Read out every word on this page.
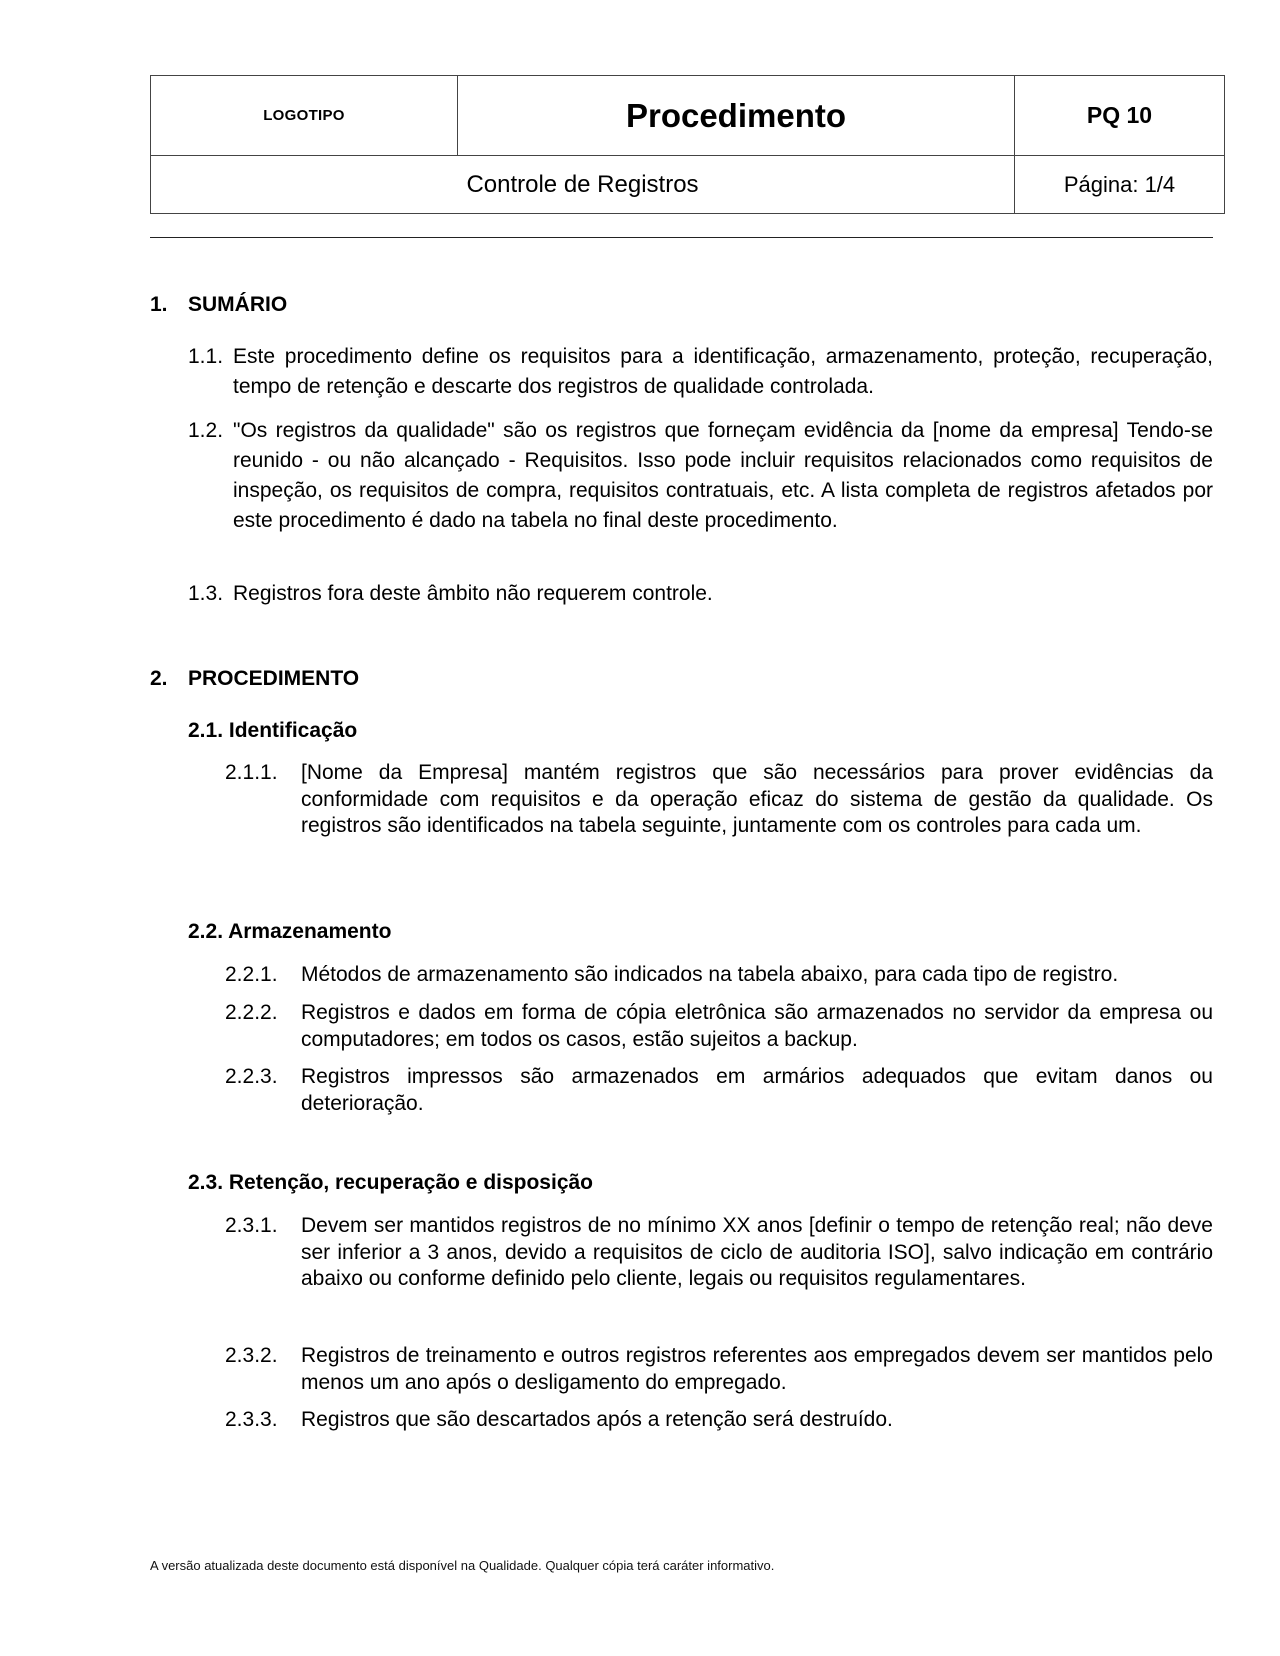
LOGOTIPO	Procedimento	PQ 10
Controle de Registros		Página: 1/4
1. SUMÁRIO
1.1. Este procedimento define os requisitos para a identificação, armazenamento, proteção, recuperação, tempo de retenção e descarte dos registros de qualidade controlada.
1.2. "Os registros da qualidade" são os registros que forneçam evidência da [nome da empresa] Tendo-se reunido - ou não alcançado - Requisitos. Isso pode incluir requisitos relacionados como requisitos de inspeção, os requisitos de compra, requisitos contratuais, etc. A lista completa de registros afetados por este procedimento é dado na tabela no final deste procedimento.
1.3. Registros fora deste âmbito não requerem controle.
2. PROCEDIMENTO
2.1. Identificação
2.1.1. [Nome da Empresa] mantém registros que são necessários para prover evidências da conformidade com requisitos e da operação eficaz do sistema de gestão da qualidade. Os registros são identificados na tabela seguinte, juntamente com os controles para cada um.
2.2. Armazenamento
2.2.1. Métodos de armazenamento são indicados na tabela abaixo, para cada tipo de registro.
2.2.2. Registros e dados em forma de cópia eletrônica são armazenados no servidor da empresa ou computadores; em todos os casos, estão sujeitos a backup.
2.2.3. Registros impressos são armazenados em armários adequados que evitam danos ou deterioração.
2.3. Retenção, recuperação e disposição
2.3.1. Devem ser mantidos registros de no mínimo XX anos [definir o tempo de retenção real; não deve ser inferior a 3 anos, devido a requisitos de ciclo de auditoria ISO], salvo indicação em contrário abaixo ou conforme definido pelo cliente, legais ou requisitos regulamentares.
2.3.2. Registros de treinamento e outros registros referentes aos empregados devem ser mantidos pelo menos um ano após o desligamento do empregado.
2.3.3. Registros que são descartados após a retenção será destruído.
A versão atualizada deste documento está disponível na Qualidade. Qualquer cópia terá caráter informativo.
